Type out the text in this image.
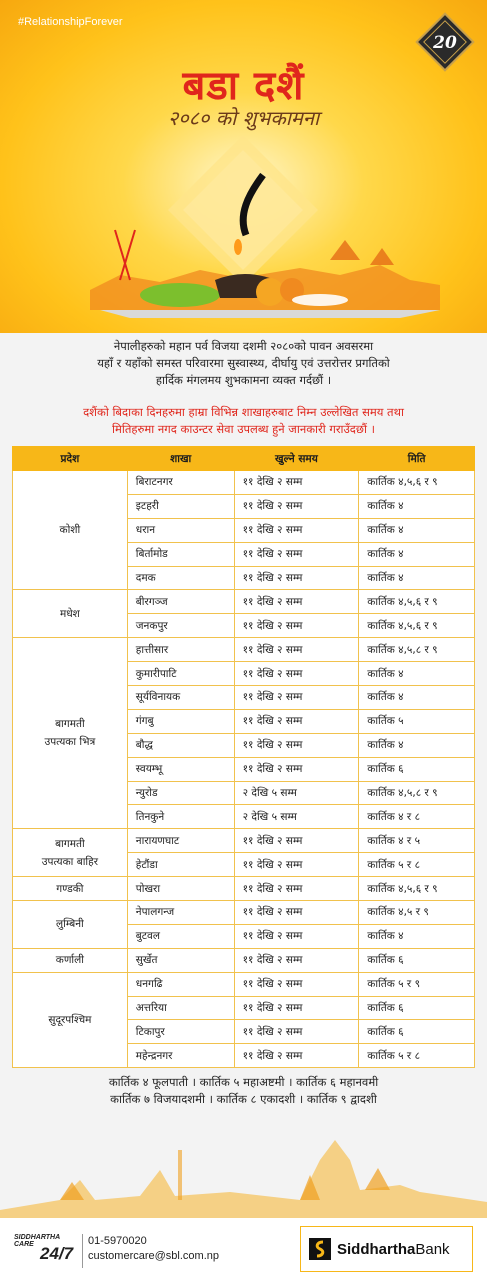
#RelationshipForever
20
बडा दशैं
२०८० को शुभकामना
नेपालीहरुको महान पर्व विजया दशमी २०८०को पावन अवसरमा
यहाँ र यहाँको समस्त परिवारमा सुस्वास्थ्य, दीर्घायु एवं उत्तरोत्तर प्रगतिको
हार्दिक मंगलमय शुभकामना व्यक्त गर्दछौं ।
दशैंको बिदाका दिनहरुमा हाम्रा विभिन्न शाखाहरुबाट निम्न उल्लेखित समय तथा
मितिहरुमा नगद काउन्टर सेवा उपलब्ध हुने जानकारी गराउँदछौं ।
प्रदेश	शाखा	खुल्ने समय	मिति
कोशी	बिराटनगर	११ देखि २ सम्म	कार्तिक ४,५,६ र ९
	इटहरी	११ देखि २ सम्म	कार्तिक ४
	धरान	११ देखि २ सम्म	कार्तिक ४
	बिर्तामोड	११ देखि २ सम्म	कार्तिक ४
	दमक	११ देखि २ सम्म	कार्तिक ४
मधेश	बीरगञ्ज	११ देखि २ सम्म	कार्तिक ४,५,६ र ९
	जनकपुर	११ देखि २ सम्म	कार्तिक ४,५,६ र ९
बागमती
उपत्यका भित्र	हात्तीसार	११ देखि २ सम्म	कार्तिक ४,५,८ र ९
	कुमारीपाटि	११ देखि २ सम्म	कार्तिक ४
	सूर्यविनायक	११ देखि २ सम्म	कार्तिक ४
	गंगबु	११ देखि २ सम्म	कार्तिक ५
	बौद्ध	११ देखि २ सम्म	कार्तिक ४
	स्वयम्भू	११ देखि २ सम्म	कार्तिक ६
	न्युरोड	२ देखि ५ सम्म	कार्तिक ४,५,८ र ९
	तिनकुने	२ देखि ५ सम्म	कार्तिक ४ र ८
बागमती
उपत्यका बाहिर	नारायणघाट	११ देखि २ सम्म	कार्तिक ४ र ५
	हेटौंडा	११ देखि २ सम्म	कार्तिक ५ र ८
गण्डकी	पोखरा	११ देखि २ सम्म	कार्तिक ४,५,६ र ९
लुम्बिनी	नेपालगन्ज	११ देखि २ सम्म	कार्तिक ४,५ र ९
	बुटवल	११ देखि २ सम्म	कार्तिक ४
कर्णाली	सुर्खेत	११ देखि २ सम्म	कार्तिक ६
सुदूरपश्चिम	धनगढि	११ देखि २ सम्म	कार्तिक ५ र ९
	अत्तरिया	११ देखि २ सम्म	कार्तिक ६
	टिकापुर	११ देखि २ सम्म	कार्तिक ६
	महेन्द्रनगर	११ देखि २ सम्म	कार्तिक ५ र ८
कार्तिक ४ फूलपाती । कार्तिक ५ महाअष्टमी । कार्तिक ६ महानवमी
कार्तिक ७ विजयादशमी । कार्तिक ८ एकादशी । कार्तिक ९ द्वादशी
SIDDHARTHA
CARE 24/7
01-5970020
customercare@sbl.com.np	SiddharthaBank
